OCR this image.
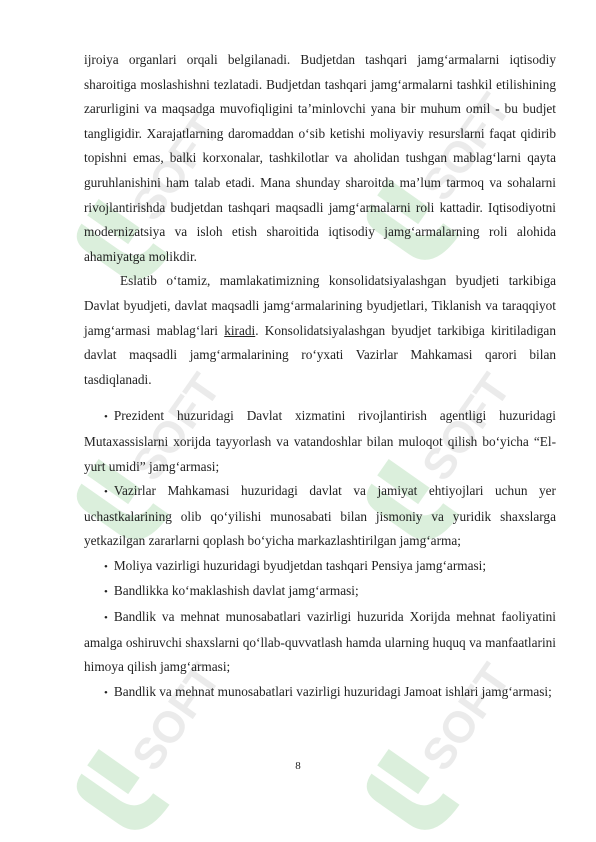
SOFT

ijroiya organlari orqali belgilanadi. Budjetdan tashqari jamg‘armalarni iqtisodiy sharoitiga moslashishni tezlatadi. Budjetdan tashqari jamg‘armalarni tashkil etilishining zarurligini va maqsadga muvofiqligini ta’minlovchi yana bir muhum omil - bu budjet tangligidir. Xarajatlarning daromaddan o‘sib ketishi moliyaviy resurslarni faqat qidirib topishni emas, balki korxonalar, tashkilotlar va aholidan tushgan mablag‘larni qayta guruhlanishini ham talab etadi. Mana shunday sharoitda ma’lum tarmoq va sohalarni rivojlantirishda budjetdan tashqari maqsadli jamg‘armalarni roli kattadir. Iqtisodiyotni modernizatsiya va isloh etish sharoitida iqtisodiy jamg‘armalarning roli alohida ahamiyatga molikdir.

Eslatib o‘tamiz, mamlakatimizning konsolidatsiyalashgan byudjeti tarkibiga Davlat byudjeti, davlat maqsadli jamg‘armalarining byudjetlari, Tiklanish va taraqqiyot jamg‘armasi mablag‘lari kiradi. Konsolidatsiyalashgan byudjet tarkibiga kiritiladigan davlat maqsadli jamg‘armalarining ro‘yxati Vazirlar Mahkamasi qarori bilan tasdiqlanadi.

• Prezident huzuridagi Davlat xizmatini rivojlantirish agentligi huzuridagi Mutaxassislarni xorijda tayyorlash va vatandoshlar bilan muloqot qilish bo‘yicha “El-yurt umidi” jamg‘armasi;

• Vazirlar Mahkamasi huzuridagi davlat va jamiyat ehtiyojlari uchun yer uchastkalarining olib qo‘yilishi munosabati bilan jismoniy va yuridik shaxslarga yetkazilgan zararlarni qoplash bo‘yicha markazlashtirilgan jamg‘arma;

• Moliya vazirligi huzuridagi byudjetdan tashqari Pensiya jamg‘armasi;

• Bandlikka ko‘maklashish davlat jamg‘armasi;

• Bandlik va mehnat munosabatlari vazirligi huzurida Xorijda mehnat faoliyatini amalga oshiruvchi shaxslarni qo‘llab-quvvatlash hamda ularning huquq va manfaatlarini himoya qilish jamg‘armasi;

• Bandlik va mehnat munosabatlari vazirligi huzuridagi Jamoat ishlari jamg‘armasi;

8
